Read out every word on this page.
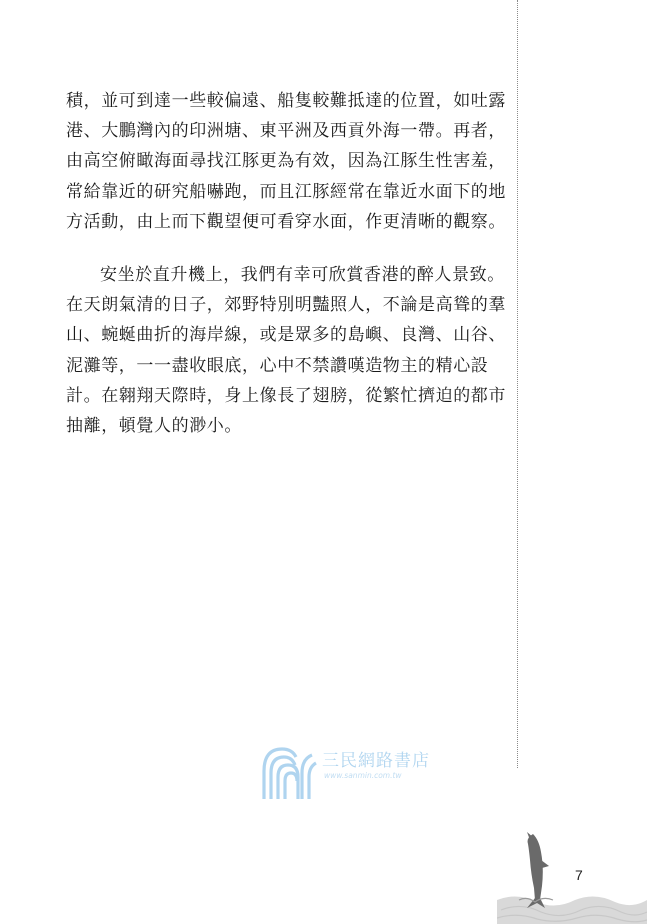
積，並可到達一些較偏遠、船隻較難抵達的位置，如吐露

港、大鵬灣內的印洲塘、東平洲及西貢外海一帶。再者，

由高空俯瞰海面尋找江豚更為有效，因為江豚生性害羞，

常給靠近的研究船嚇跑，而且江豚經常在靠近水面下的地

方活動，由上而下觀望便可看穿水面，作更清晰的觀察。

安坐於直升機上，我們有幸可欣賞香港的醉人景致。

在天朗氣清的日子，郊野特別明豔照人，不論是高聳的羣

山、蜿蜒曲折的海岸線，或是眾多的島嶼、良灣、山谷、

泥灘等，一一盡收眼底，心中不禁讚嘆造物主的精心設

計。在翱翔天際時，身上像長了翅膀，從繁忙擠迫的都市

抽離，頓覺人的渺小。

三民網路書店
www.sanmin.com.tw
7
